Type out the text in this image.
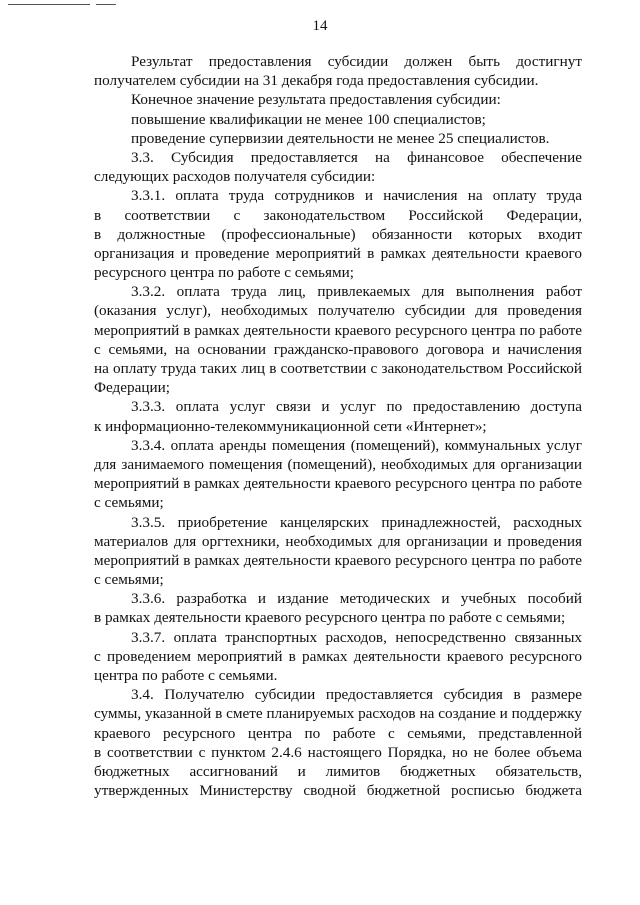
14
Результат предоставления субсидии должен быть достигнут
получателем субсидии на 31 декабря года предоставления субсидии.
Конечное значение результата предоставления субсидии:
повышение квалификации не менее 100 специалистов;
проведение супервизии деятельности не менее 25 специалистов.
3.3. Субсидия предоставляется на финансовое обеспечение
следующих расходов получателя субсидии:
3.3.1. оплата труда сотрудников и начисления на оплату труда
в соответствии с законодательством Российской Федерации,
в должностные (профессиональные) обязанности которых входит
организация и проведение мероприятий в рамках деятельности краевого
ресурсного центра по работе с семьями;
3.3.2. оплата труда лиц, привлекаемых для выполнения работ
(оказания услуг), необходимых получателю субсидии для проведения
мероприятий в рамках деятельности краевого ресурсного центра по работе
с семьями, на основании гражданско-правового договора и начисления
на оплату труда таких лиц в соответствии с законодательством Российской
Федерации;
3.3.3. оплата услуг связи и услуг по предоставлению доступа
к информационно-телекоммуникационной сети «Интернет»;
3.3.4. оплата аренды помещения (помещений), коммунальных услуг
для занимаемого помещения (помещений), необходимых для организации
мероприятий в рамках деятельности краевого ресурсного центра по работе
с семьями;
3.3.5. приобретение канцелярских принадлежностей, расходных
материалов для оргтехники, необходимых для организации и проведения
мероприятий в рамках деятельности краевого ресурсного центра по работе
с семьями;
3.3.6. разработка и издание методических и учебных пособий
в рамках деятельности краевого ресурсного центра по работе с семьями;
3.3.7. оплата транспортных расходов, непосредственно связанных
с проведением мероприятий в рамках деятельности краевого ресурсного
центра по работе с семьями.
3.4. Получателю субсидии предоставляется субсидия в размере
суммы, указанной в смете планируемых расходов на создание и поддержку
краевого ресурсного центра по работе с семьями, представленной
в соответствии с пунктом 2.4.6 настоящего Порядка, но не более объема
бюджетных ассигнований и лимитов бюджетных обязательств,
утвержденных Министерству сводной бюджетной росписью бюджета
